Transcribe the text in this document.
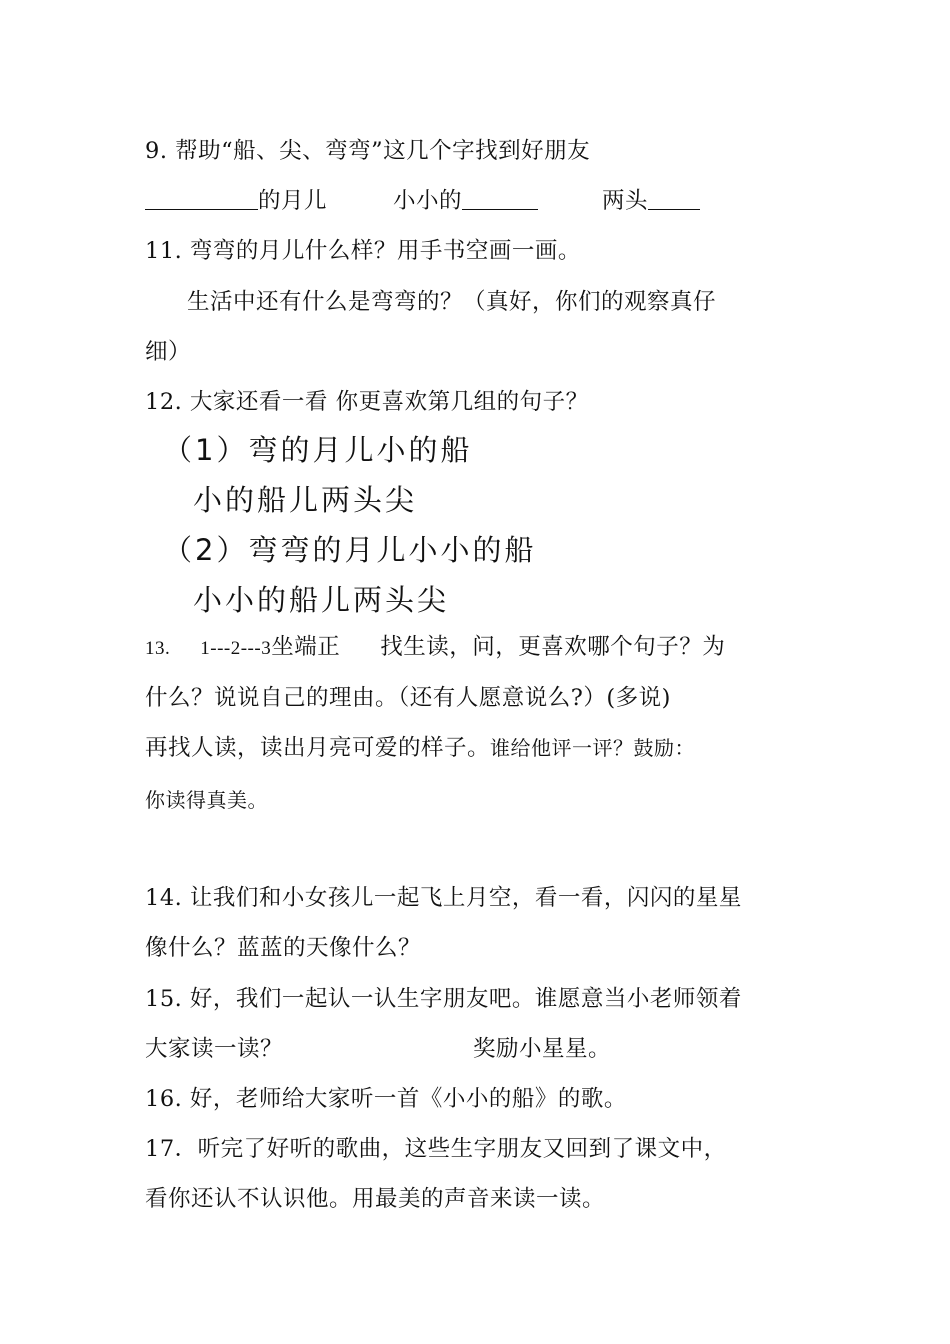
9. 帮助“船、尖、弯弯”这几个字找到好朋友
的月儿	小小的	两头
11. 弯弯的月儿什么样？用手书空画一画。
生活中还有什么是弯弯的？（真好，你们的观察真仔
细）
12. 大家还看一看 你更喜欢第几组的句子？
（1）弯的月儿小的船
小的船儿两头尖
（2）弯弯的月儿小小的船
小小的船儿两头尖
13. 1---2---3坐端正 找生读，问，更喜欢哪个句子？为
什么？说说自己的理由。（还有人愿意说么?）(多说)
再找人读，读出月亮可爱的样子。谁给他评一评？鼓励：
你读得真美。
14. 让我们和小女孩儿一起飞上月空，看一看，闪闪的星星
像什么？蓝蓝的天像什么？
15. 好，我们一起认一认生字朋友吧。谁愿意当小老师领着
大家读一读？	奖励小星星。
16. 好，老师给大家听一首《小小的船》的歌。
17．听完了好听的歌曲，这些生字朋友又回到了课文中，
看你还认不认识他。用最美的声音来读一读。
